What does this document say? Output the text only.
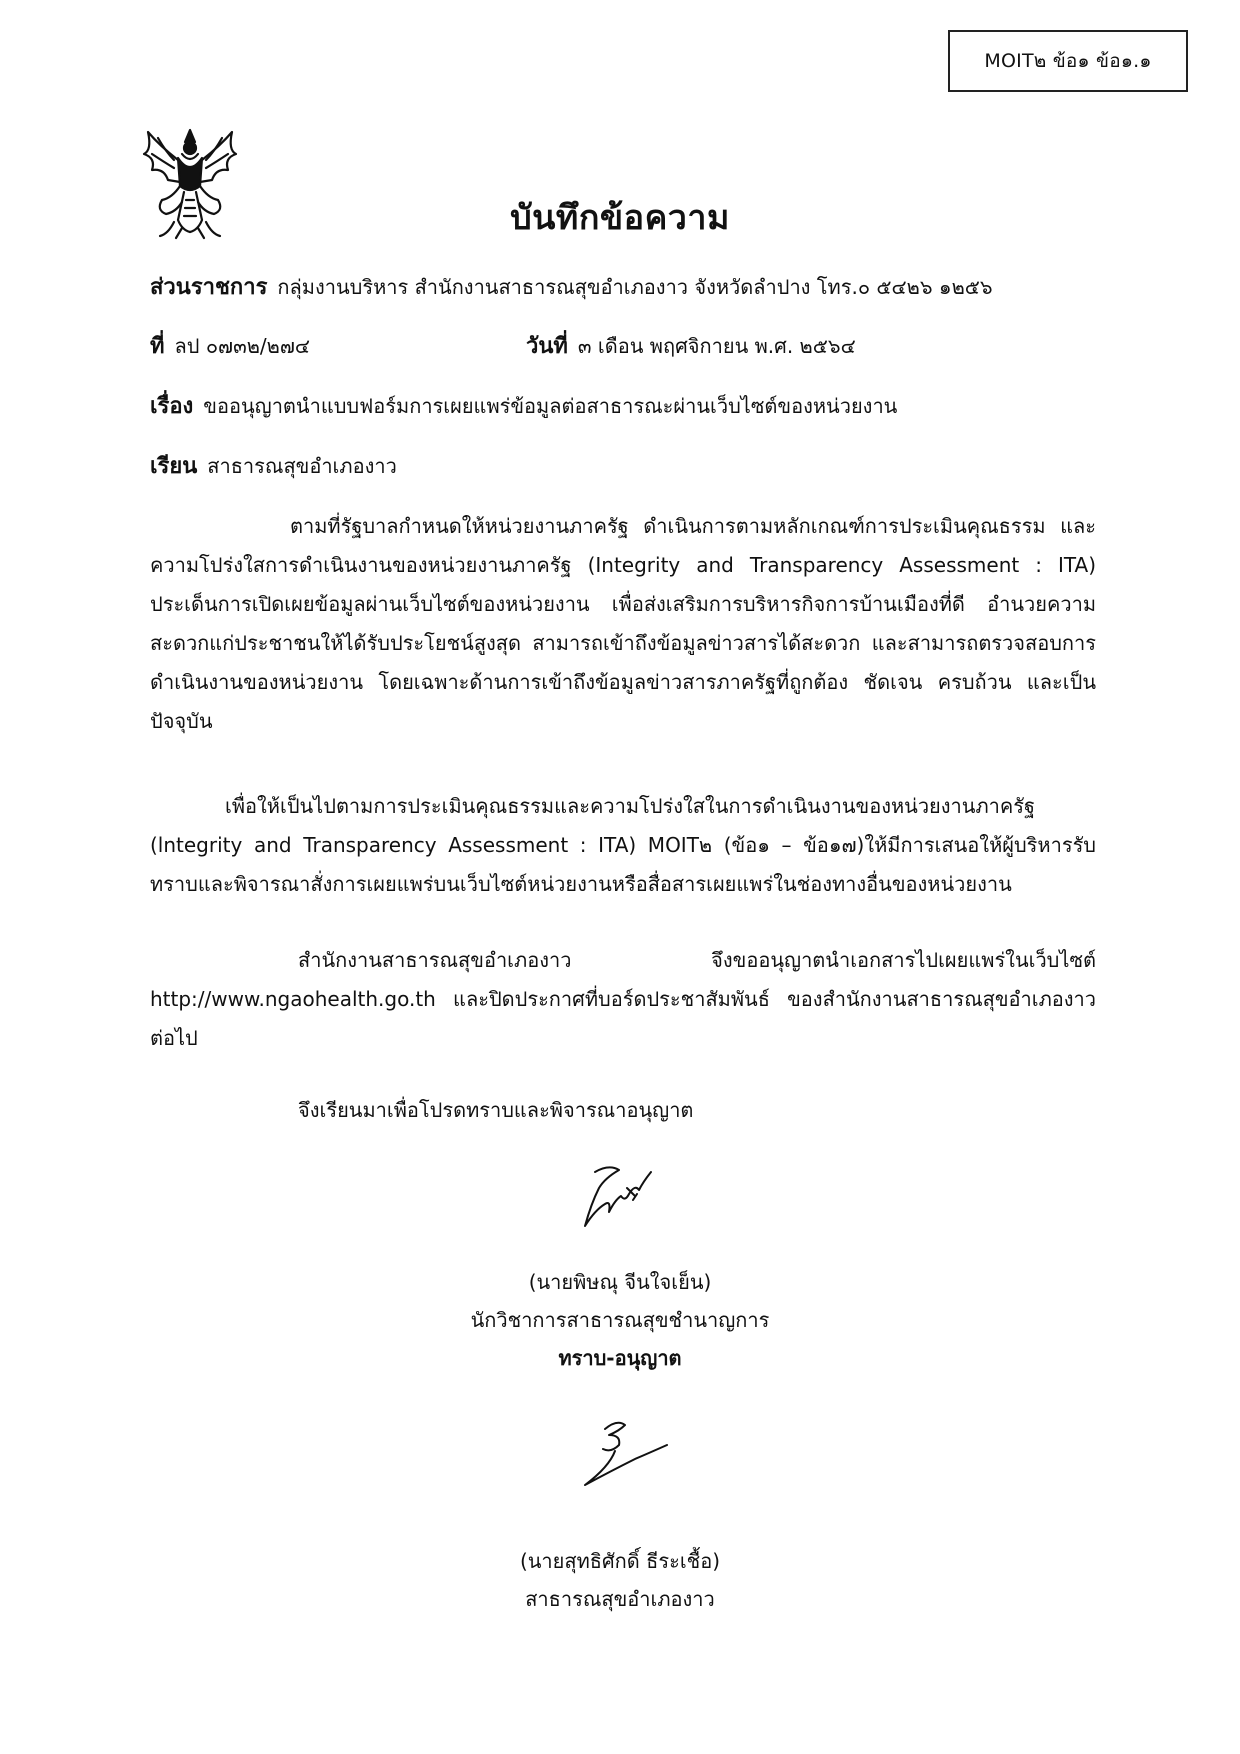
MOIT๒ ข้อ๑ ข้อ๑.๑
บันทึกข้อความ
ส่วนราชการ กลุ่มงานบริหาร สำนักงานสาธารณสุขอำเภองาว จังหวัดลำปาง โทร.๐ ๕๔๒๖ ๑๒๕๖
ที่ ลป ๐๗๓๒/๒๗๔	วันที่ ๓ เดือน พฤศจิกายน พ.ศ. ๒๕๖๔
เรื่อง ขออนุญาตนำแบบฟอร์มการเผยแพร่ข้อมูลต่อสาธารณะผ่านเว็บไซต์ของหน่วยงาน
เรียน สาธารณสุขอำเภองาว
ตามที่รัฐบาลกำหนดให้หน่วยงานภาครัฐ ดำเนินการตามหลักเกณฑ์การประเมินคุณธรรม และความโปร่งใสการดำเนินงานของหน่วยงานภาครัฐ (Integrity and Transparency Assessment : ITA) ประเด็นการเปิดเผยข้อมูลผ่านเว็บไซต์ของหน่วยงาน เพื่อส่งเสริมการบริหารกิจการบ้านเมืองที่ดี อำนวยความสะดวกแก่ประชาชนให้ได้รับประโยชน์สูงสุด สามารถเข้าถึงข้อมูลข่าวสารได้สะดวก และสามารถตรวจสอบการดำเนินงานของหน่วยงาน โดยเฉพาะด้านการเข้าถึงข้อมูลข่าวสารภาครัฐที่ถูกต้อง ชัดเจน ครบถ้วน และเป็นปัจจุบัน
เพื่อให้เป็นไปตามการประเมินคุณธรรมและความโปร่งใสในการดำเนินงานของหน่วยงานภาครัฐ (lntegrity and Transparency Assessment : ITA) MOIT๒ (ข้อ๑ – ข้อ๑๗)ให้มีการเสนอให้ผู้บริหารรับทราบและพิจารณาสั่งการเผยแพร่บนเว็บไซต์หน่วยงานหรือสื่อสารเผยแพร่ในช่องทางอื่นของหน่วยงาน
สำนักงานสาธารณสุขอำเภองาว จึงขออนุญาตนำเอกสารไปเผยแพร่ในเว็บไซต์ http://www.ngaohealth.go.th และปิดประกาศที่บอร์ดประชาสัมพันธ์ ของสำนักงานสาธารณสุขอำเภองาว ต่อไป
จึงเรียนมาเพื่อโปรดทราบและพิจารณาอนุญาต
(นายพิษณุ จีนใจเย็น)
นักวิชาการสาธารณสุขชำนาญการ
ทราบ-อนุญาต
(นายสุทธิศักดิ์ ธีระเชื้อ)
สาธารณสุขอำเภองาว
